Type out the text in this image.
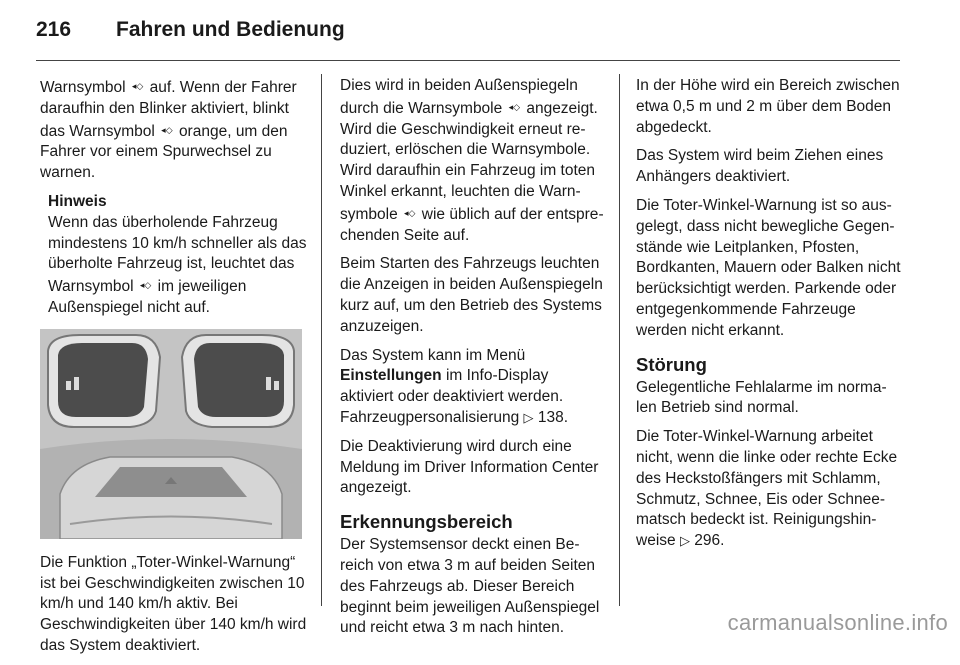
216	Fahren und Bedienung

Warnsymbol ◂◇ auf. Wenn der Fahrer daraufhin den Blinker aktiviert, blinkt das Warnsymbol ◂◇ orange, um den Fahrer vor einem Spurwechsel zu warnen.

Hinweis
Wenn das überholende Fahrzeug mindestens 10 km/h schneller als das überholte Fahrzeug ist, leuchtet das Warnsymbol ◂◇ im jeweiligen Außenspiegel nicht auf.

Die Funktion „Toter-Winkel-Warnung“ ist bei Geschwindigkeiten zwischen 10 km/h und 140 km/h aktiv. Bei Geschwindigkeiten über 140 km/h wird das System deaktiviert.

Dies wird in beiden Außenspiegeln durch die Warnsymbole ◂◇ angezeigt. Wird die Geschwindigkeit erneut reduziert, erlöschen die Warnsymbole. Wird daraufhin ein Fahrzeug im toten Winkel erkannt, leuchten die Warnsymbole ◂◇ wie üblich auf der entsprechenden Seite auf.

Beim Starten des Fahrzeugs leuchten die Anzeigen in beiden Außenspiegeln kurz auf, um den Betrieb des Systems anzuzeigen.

Das System kann im Menü Einstellungen im Info-Display aktiviert oder deaktiviert werden. Fahrzeugpersonalisierung ▷ 138.

Die Deaktivierung wird durch eine Meldung im Driver Information Center angezeigt.

Erkennungsbereich

Der Systemsensor deckt einen Bereich von etwa 3 m auf beiden Seiten des Fahrzeugs ab. Dieser Bereich beginnt beim jeweiligen Außenspiegel und reicht etwa 3 m nach hinten.

In der Höhe wird ein Bereich zwischen etwa 0,5 m und 2 m über dem Boden abgedeckt.

Das System wird beim Ziehen eines Anhängers deaktiviert.

Die Toter-Winkel-Warnung ist so ausgelegt, dass nicht bewegliche Gegenstände wie Leitplanken, Pfosten, Bordkanten, Mauern oder Balken nicht berücksichtigt werden. Parkende oder entgegenkommende Fahrzeuge werden nicht erkannt.

Störung

Gelegentliche Fehlalarme im normalen Betrieb sind normal.

Die Toter-Winkel-Warnung arbeitet nicht, wenn die linke oder rechte Ecke des Heckstoßfängers mit Schlamm, Schmutz, Schnee, Eis oder Schneematsch bedeckt ist. Reinigungshinweise ▷ 296.

carmanualsonline.info
